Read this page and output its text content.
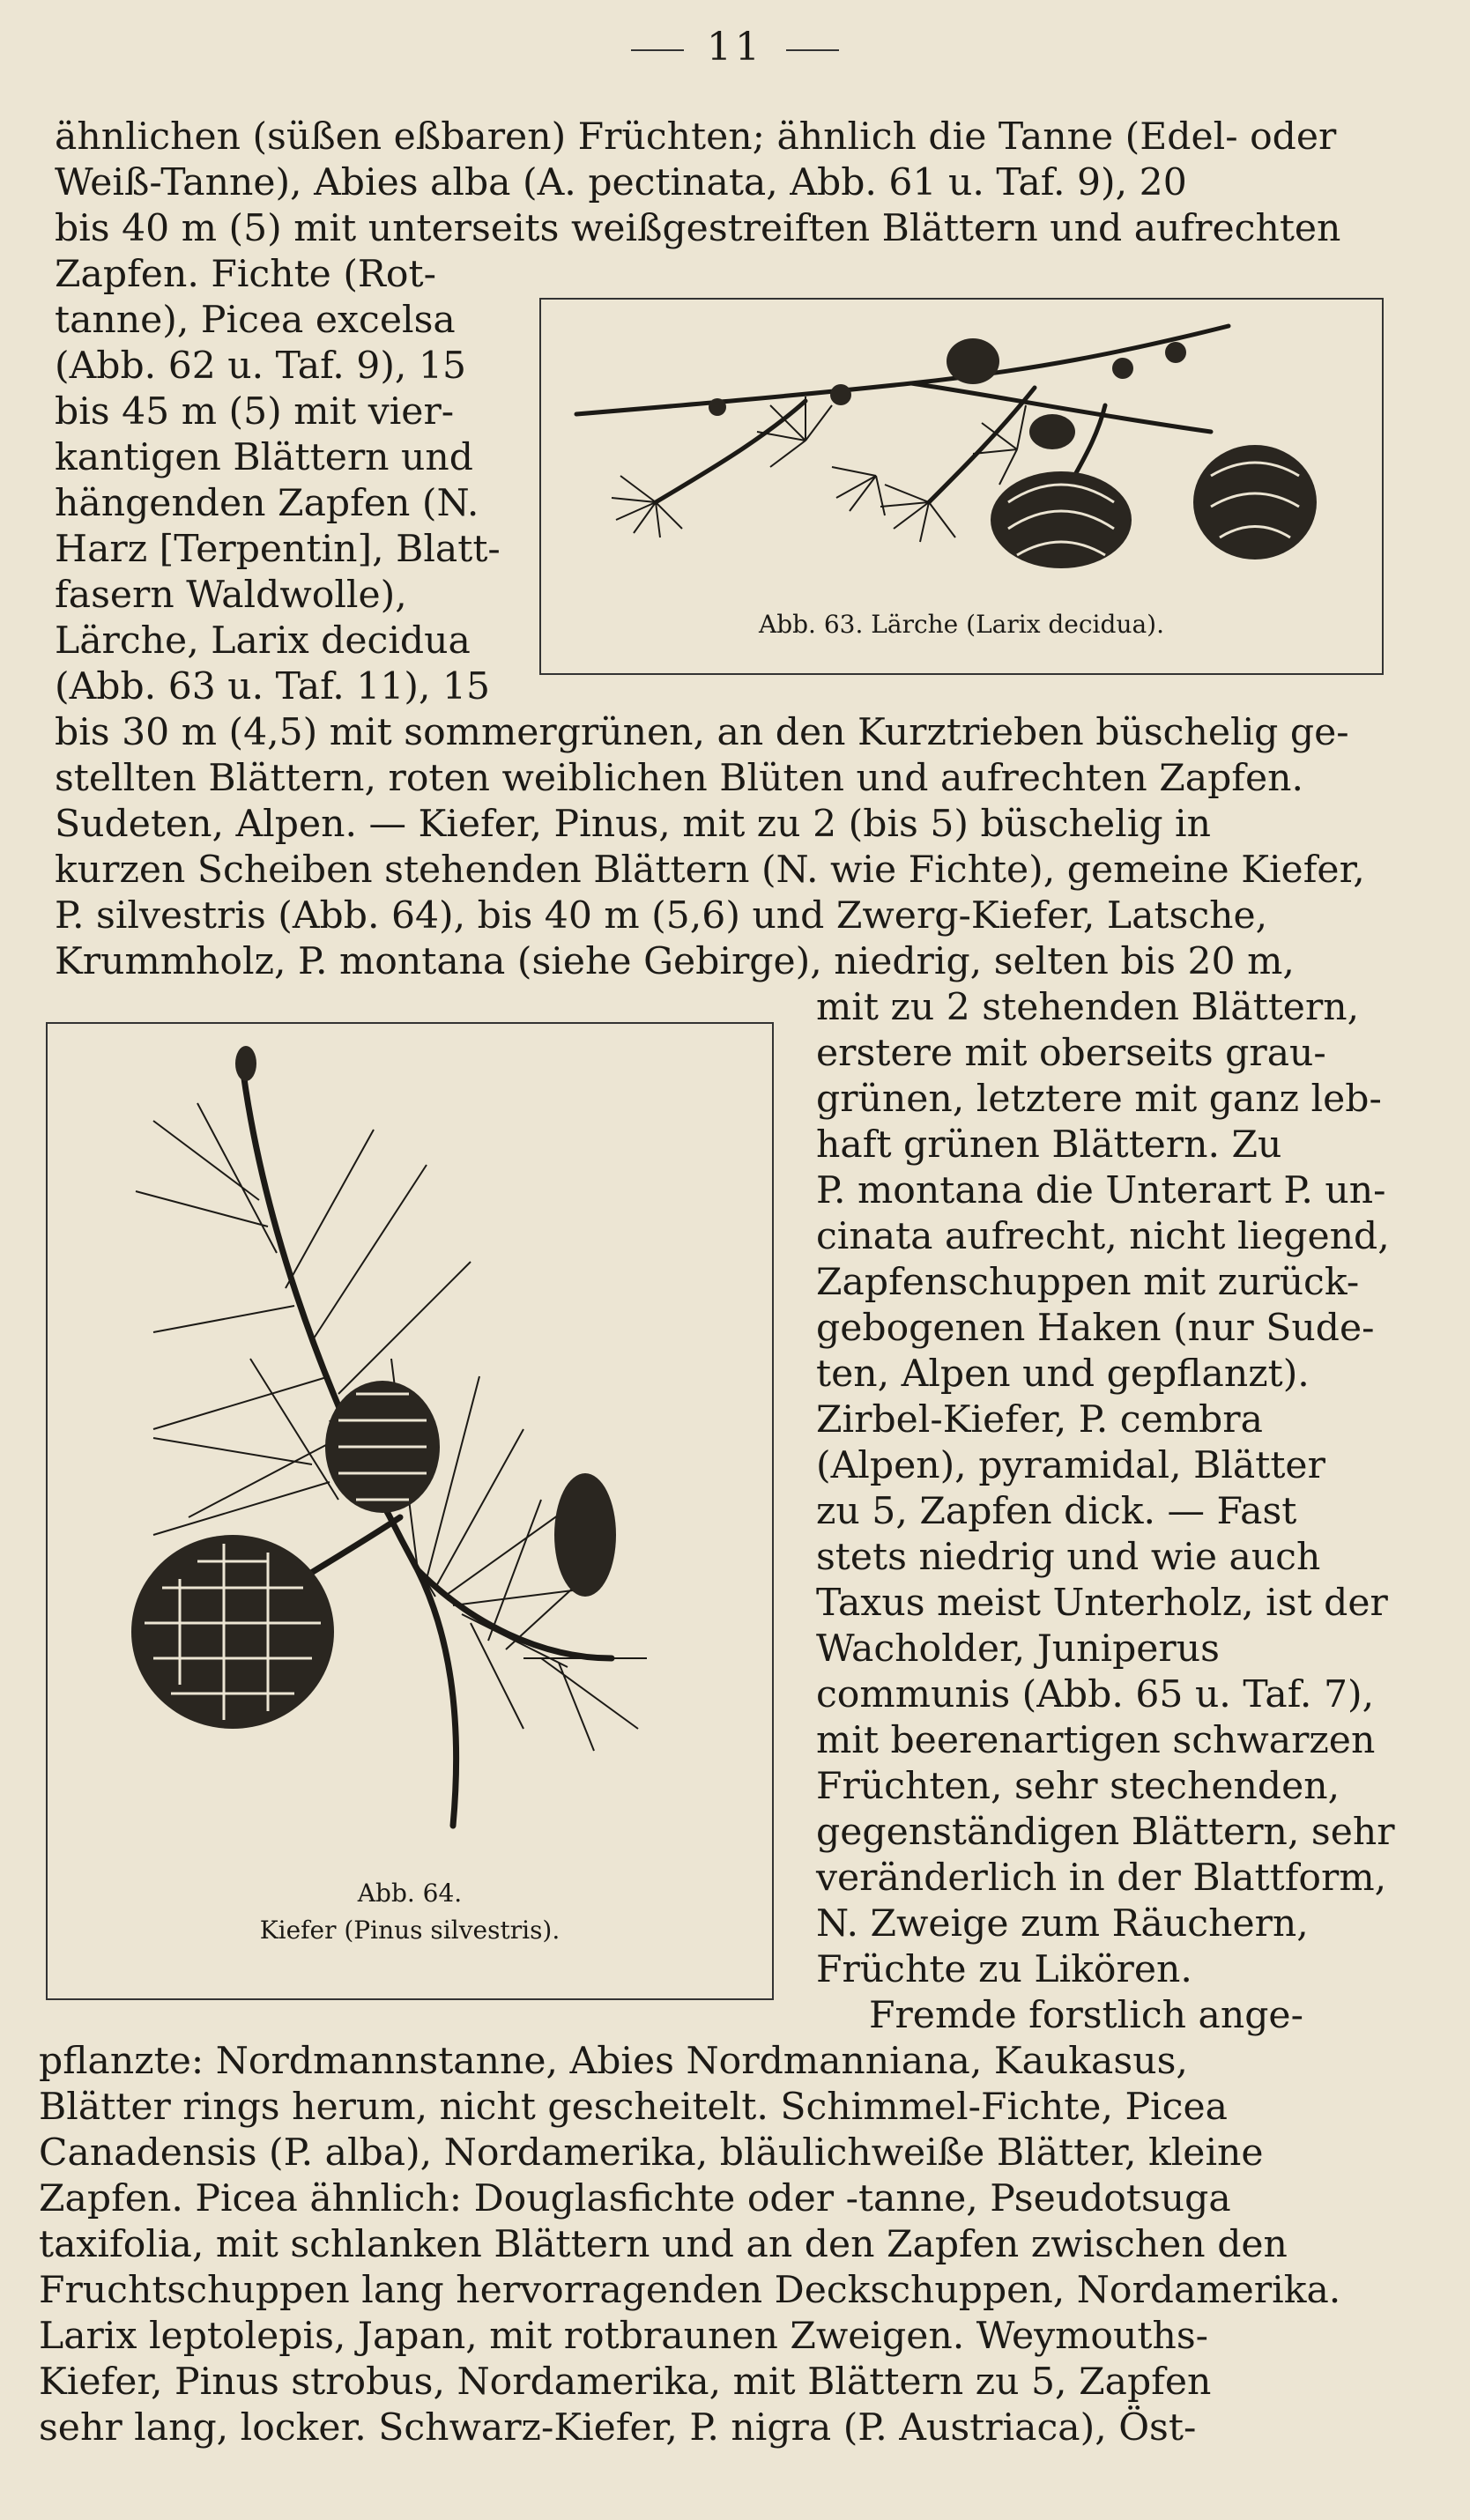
11
ähnlichen (süßen eßbaren) Früchten; ähnlich die Tanne (Edel- oder
Weiß-Tanne), Abies alba (A. pectinata, Abb. 61 u. Taf. 9), 20
bis 40 m (5) mit unterseits weißgestreiften Blättern und aufrechten
Zapfen. Fichte (Rot-
tanne), Picea excelsa
(Abb. 62 u. Taf. 9), 15
bis 45 m (5) mit vier-
kantigen Blättern und
hängenden Zapfen (N.
Harz [Terpentin], Blatt-
fasern Waldwolle),
Lärche, Larix decidua
(Abb. 63 u. Taf. 11), 15
Abb. 63. Lärche (Larix decidua).
bis 30 m (4,5) mit sommergrünen, an den Kurztrieben büschelig ge-
stellten Blättern, roten weiblichen Blüten und aufrechten Zapfen.
Sudeten, Alpen. — Kiefer, Pinus, mit zu 2 (bis 5) büschelig in
kurzen Scheiben stehenden Blättern (N. wie Fichte), gemeine Kiefer,
P. silvestris (Abb. 64), bis 40 m (5,6) und Zwerg-Kiefer, Latsche,
Krummholz, P. montana (siehe Gebirge), niedrig, selten bis 20 m,
Abb. 64.
Kiefer (Pinus silvestris).
mit zu 2 stehenden Blättern,
erstere mit oberseits grau-
grünen, letztere mit ganz leb-
haft grünen Blättern. Zu
P. montana die Unterart P. un-
cinata aufrecht, nicht liegend,
Zapfenschuppen mit zurück-
gebogenen Haken (nur Sude-
ten, Alpen und gepflanzt).
Zirbel-Kiefer, P. cembra
(Alpen), pyramidal, Blätter
zu 5, Zapfen dick. — Fast
stets niedrig und wie auch
Taxus meist Unterholz, ist der
Wacholder, Juniperus
communis (Abb. 65 u. Taf. 7),
mit beerenartigen schwarzen
Früchten, sehr stechenden,
gegenständigen Blättern, sehr
veränderlich in der Blattform,
N. Zweige zum Räuchern,
Früchte zu Likören.
Fremde forstlich ange-
pflanzte: Nordmannstanne, Abies Nordmanniana, Kaukasus,
Blätter rings herum, nicht gescheitelt. Schimmel-Fichte, Picea
Canadensis (P. alba), Nordamerika, bläulichweiße Blätter, kleine
Zapfen. Picea ähnlich: Douglasfichte oder -tanne, Pseudotsuga
taxifolia, mit schlanken Blättern und an den Zapfen zwischen den
Fruchtschuppen lang hervorragenden Deckschuppen, Nordamerika.
Larix leptolepis, Japan, mit rotbraunen Zweigen. Weymouths-
Kiefer, Pinus strobus, Nordamerika, mit Blättern zu 5, Zapfen
sehr lang, locker. Schwarz-Kiefer, P. nigra (P. Austriaca), Öst-
